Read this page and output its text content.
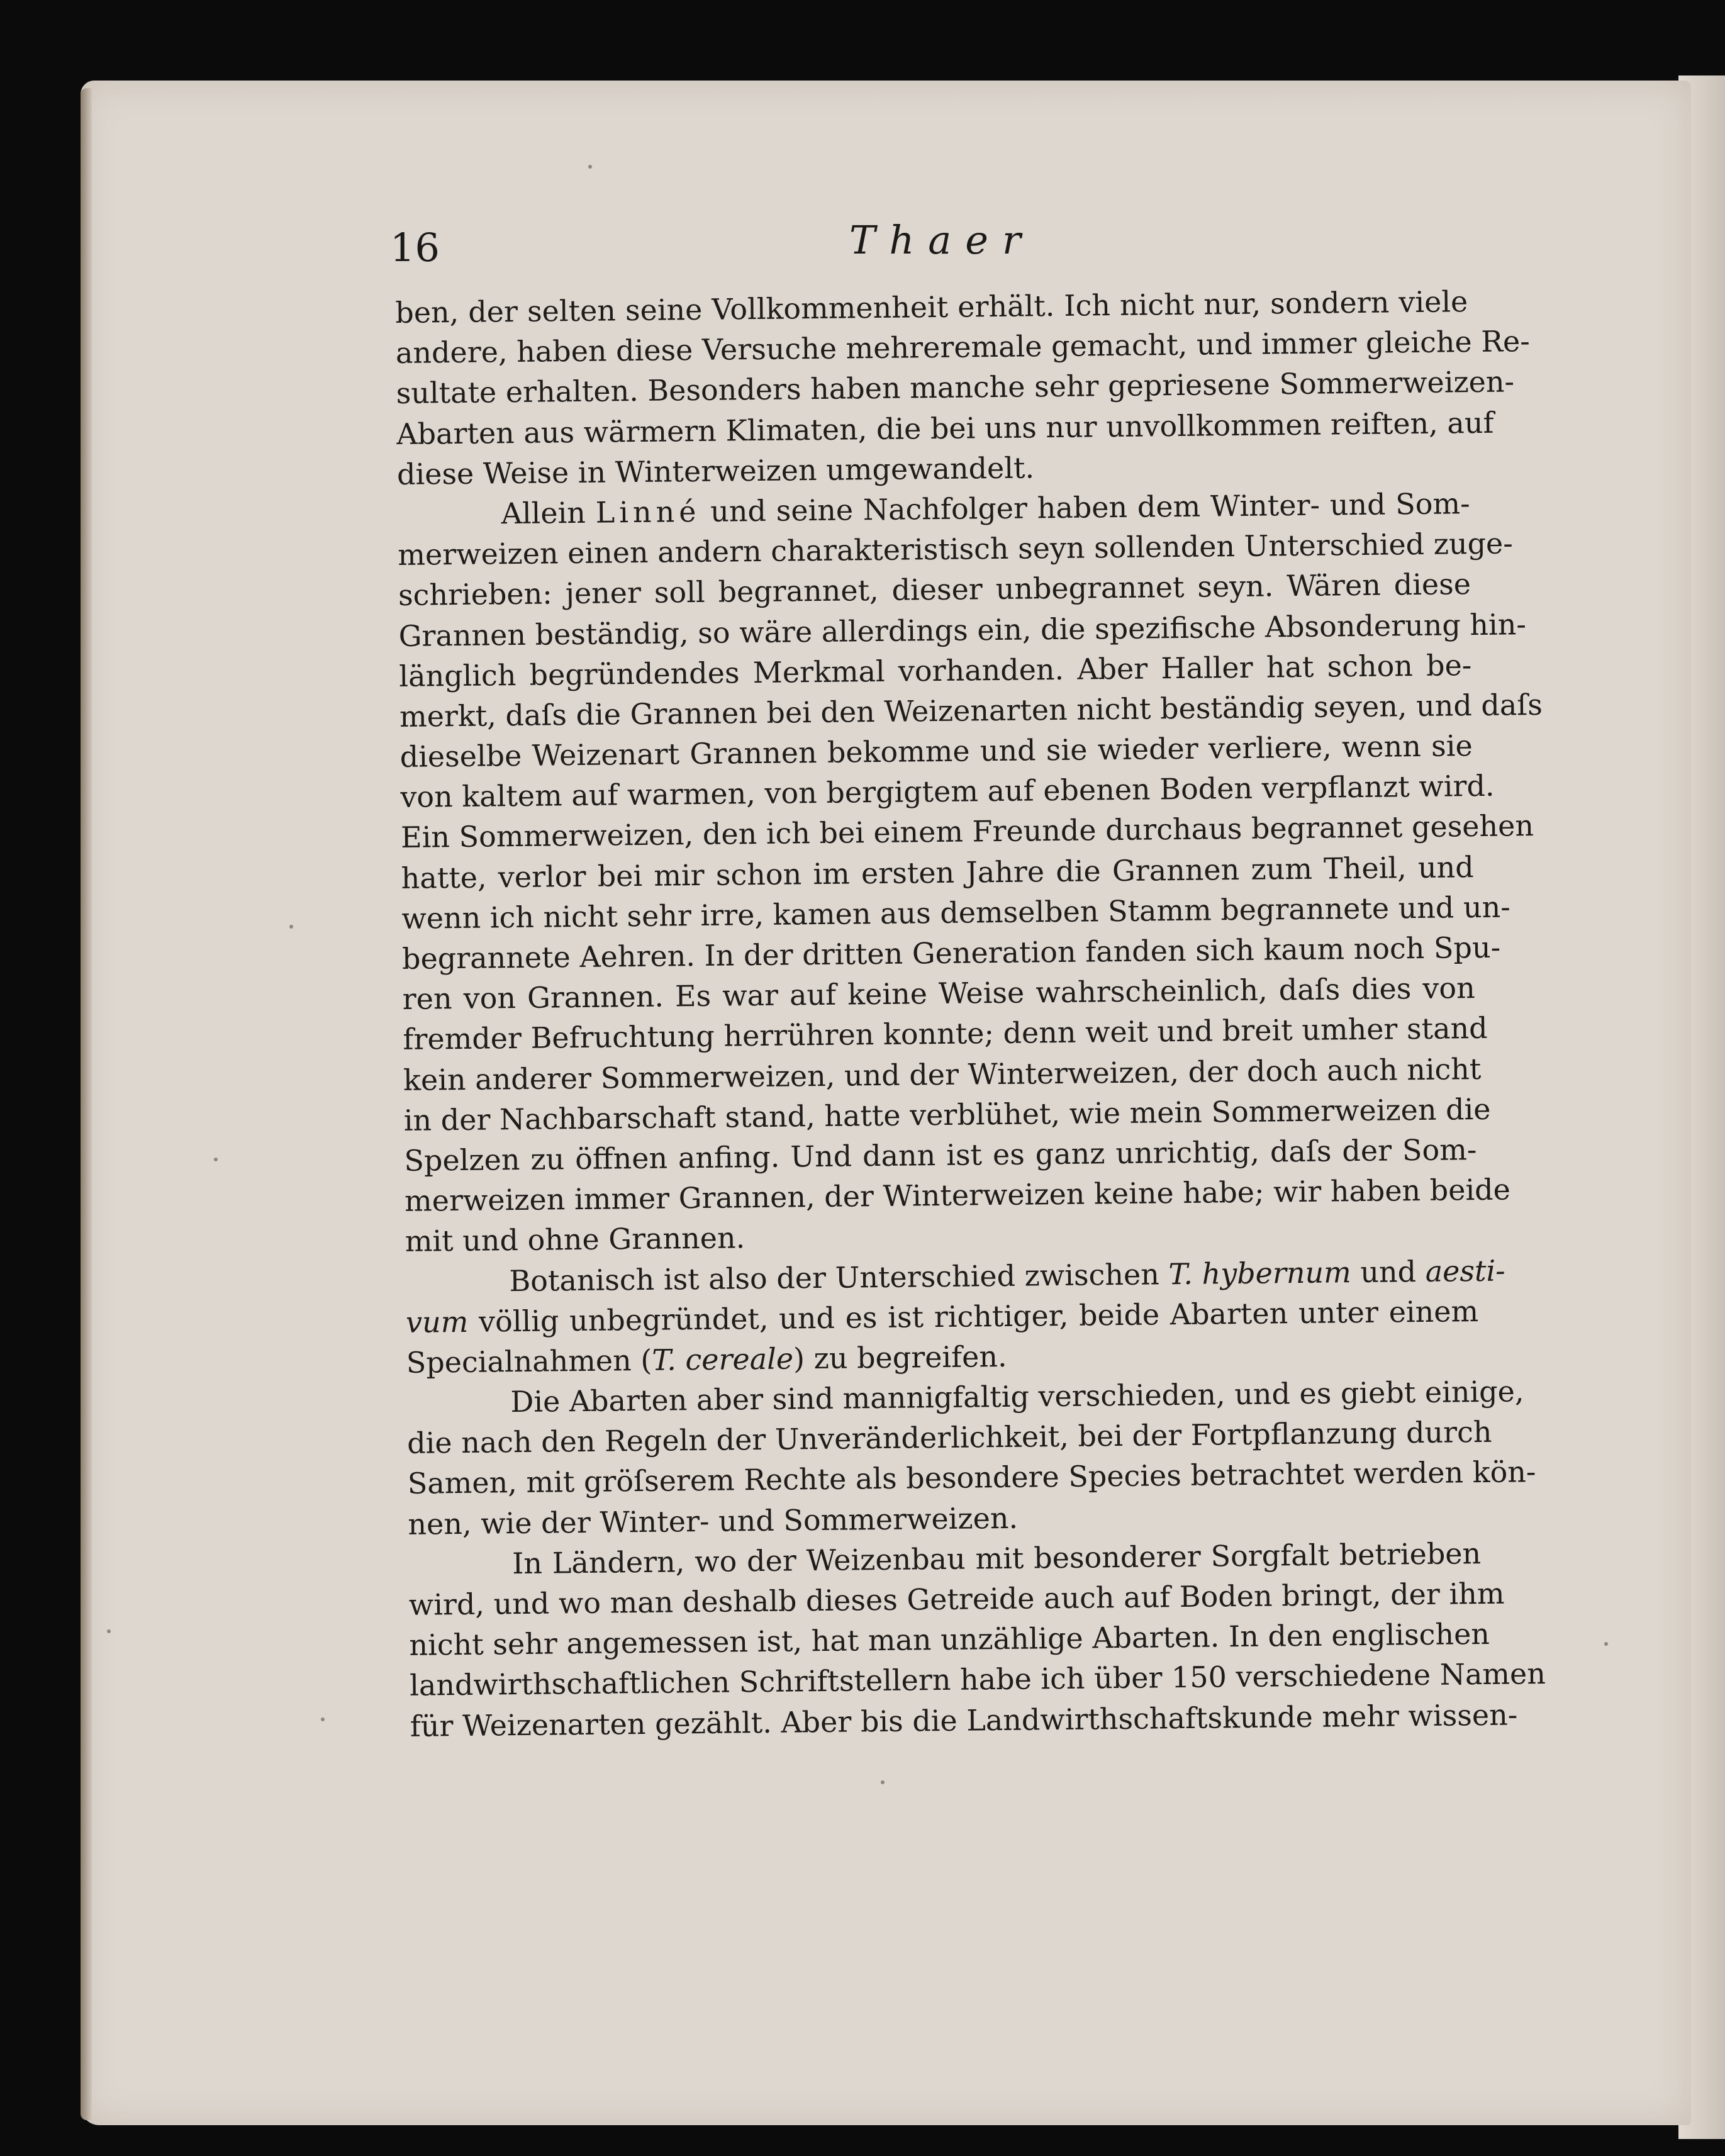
16	Thaer
ben, der selten seine Vollkommenheit erhält. Ich nicht nur, sondern viele
andere, haben diese Versuche mehreremale gemacht, und immer gleiche Re-
sultate erhalten. Besonders haben manche sehr gepriesene Sommerweizen-
Abarten aus wärmern Klimaten, die bei uns nur unvollkommen reiften, auf
diese Weise in Winterweizen umgewandelt.
Allein Linné und seine Nachfolger haben dem Winter- und Som-
merweizen einen andern charakteristisch seyn sollenden Unterschied zuge-
schrieben: jener soll begrannet, dieser unbegrannet seyn. Wären diese
Grannen beständig, so wäre allerdings ein, die spezifische Absonderung hin-
länglich begründendes Merkmal vorhanden. Aber Haller hat schon be-
merkt, daſs die Grannen bei den Weizenarten nicht beständig seyen, und daſs
dieselbe Weizenart Grannen bekomme und sie wieder verliere, wenn sie
von kaltem auf warmen, von bergigtem auf ebenen Boden verpflanzt wird.
Ein Sommerweizen, den ich bei einem Freunde durchaus begrannet gesehen
hatte, verlor bei mir schon im ersten Jahre die Grannen zum Theil, und
wenn ich nicht sehr irre, kamen aus demselben Stamm begrannete und un-
begrannete Aehren. In der dritten Generation fanden sich kaum noch Spu-
ren von Grannen. Es war auf keine Weise wahrscheinlich, daſs dies von
fremder Befruchtung herrühren konnte; denn weit und breit umher stand
kein anderer Sommerweizen, und der Winterweizen, der doch auch nicht
in der Nachbarschaft stand, hatte verblühet, wie mein Sommerweizen die
Spelzen zu öffnen anfing. Und dann ist es ganz unrichtig, daſs der Som-
merweizen immer Grannen, der Winterweizen keine habe; wir haben beide
mit und ohne Grannen.
Botanisch ist also der Unterschied zwischen T. hybernum und aesti-
vum völlig unbegründet, und es ist richtiger, beide Abarten unter einem
Specialnahmen (T. cereale) zu begreifen.
Die Abarten aber sind mannigfaltig verschieden, und es giebt einige,
die nach den Regeln der Unveränderlichkeit, bei der Fortpflanzung durch
Samen, mit gröſserem Rechte als besondere Species betrachtet werden kön-
nen, wie der Winter- und Sommerweizen.
In Ländern, wo der Weizenbau mit besonderer Sorgfalt betrieben
wird, und wo man deshalb dieses Getreide auch auf Boden bringt, der ihm
nicht sehr angemessen ist, hat man unzählige Abarten. In den englischen
landwirthschaftlichen Schriftstellern habe ich über 150 verschiedene Namen
für Weizenarten gezählt. Aber bis die Landwirthschaftskunde mehr wissen-
